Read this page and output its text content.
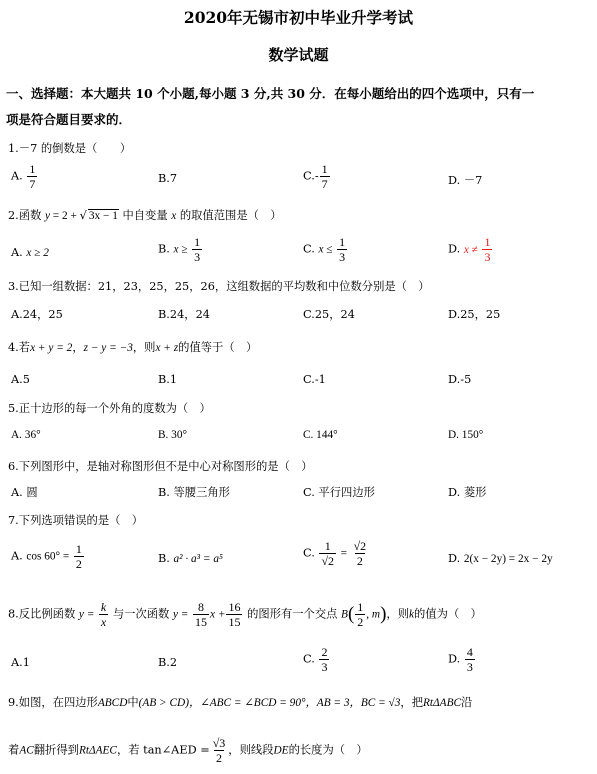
2020年无锡市初中毕业升学考试
数学试题
一、选择题：本大题共 10 个小题,每小题 3 分,共 30 分．在每小题给出的四个选项中，只有一
项是符合题目要求的．
1.－7 的倒数是（　　）
A. $\frac{1}{7}$	B.7	$C.- \frac{1}{7}$	D. －7
2.函数 y = 2 + √ 3x − 1 中自变量 x 的取值范围是（　）
A. x ≥ 2	B. $x \ge \frac{1}{3}$	C. $x \le \frac{1}{3}$	D. $x \ne \frac{1}{3}$
3.已知一组数据：21，23，25，25，26，这组数据的平均数和中位数分别是（　）
A.24，25	B.24，24	C.25，24	D.25，25
4.若x + y = 2，z − y = −3，则x + z的值等于（　）
A.5	B.1	C.-1	D.-5
5.正十边形的每一个外角的度数为（　）
A. 36°	B. 30°	C. 144°	D. 150°
6.下列图形中，是轴对称图形但不是中心对称图形的是（　）
A. 圆	B. 等腰三角形	C. 平行四边形	D. 菱形
7.下列选项错误的是（　）
A. $\cos 60^\circ = \frac{1}{2}$	B. a² · a³ = a⁵	C. $\frac{1}{√2} = \frac{√2}{2}$	D. 2(x − 2y) = 2x − 2y
8.反比例函数 $y = \frac{k}{x}$ 与一次函数 $y = \frac{8}{15}$ $x + \frac{16}{15}$ 的图形有一个交点 $B( \frac{1}{2}$ , m)，则k的值为（　）
A.1	B.2	C. $\frac{2}{3}$	D. $\frac{4}{3}$
9.如图，在四边形ABCD中(AB > CD)，∠ABC = ∠BCD = 90°，AB = 3，BC = √3，把RtΔABC沿
着AC翻折得到RtΔAEC，若 tan∠AED = $\frac{√3}{2}$ ，则线段DE的长度为（　）
